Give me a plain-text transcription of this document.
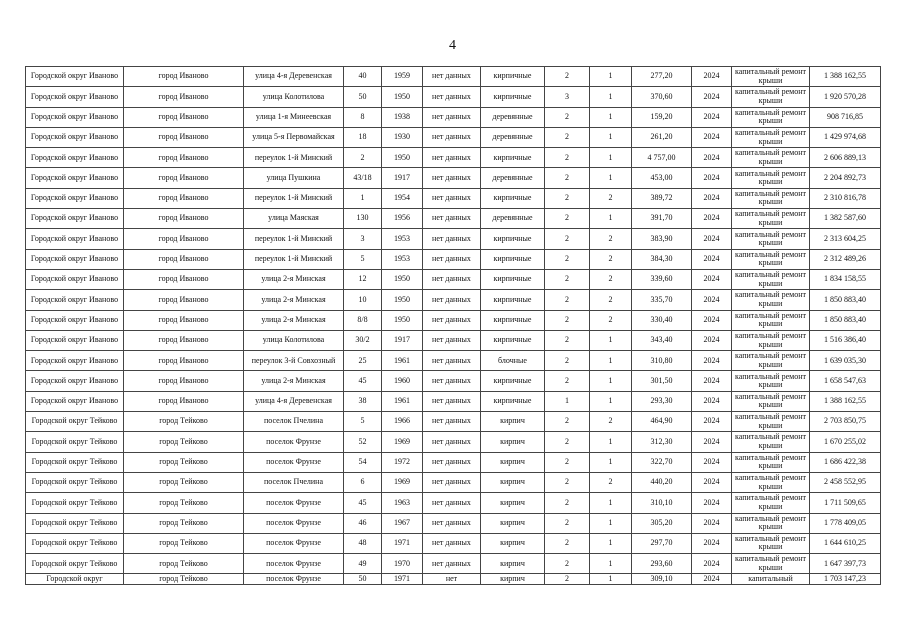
4
Городской округ Иваново	город Иваново	улица 4-я Деревенская	40	1959	нет данных	кирпичные	2	1	277,20	2024	капитальный ремонт крыши	1 388 162,55
Городской округ Иваново	город Иваново	улица Колотилова	50	1950	нет данных	кирпичные	3	1	370,60	2024	капитальный ремонт крыши	1 920 570,28
Городской округ Иваново	город Иваново	улица 1-я Минеевская	8	1938	нет данных	деревянные	2	1	159,20	2024	капитальный ремонт крыши	908 716,85
Городской округ Иваново	город Иваново	улица 5-я Первомайская	18	1930	нет данных	деревянные	2	1	261,20	2024	капитальный ремонт крыши	1 429 974,68
Городской округ Иваново	город Иваново	переулок 1-й Минский	2	1950	нет данных	кирпичные	2	1	4 757,00	2024	капитальный ремонт крыши	2 606 889,13
Городской округ Иваново	город Иваново	улица Пушкина	43/18	1917	нет данных	деревянные	2	1	453,00	2024	капитальный ремонт крыши	2 204 892,73
Городской округ Иваново	город Иваново	переулок 1-й Минский	1	1954	нет данных	кирпичные	2	2	389,72	2024	капитальный ремонт крыши	2 310 816,78
Городской округ Иваново	город Иваново	улица Маяская	130	1956	нет данных	деревянные	2	1	391,70	2024	капитальный ремонт крыши	1 382 587,60
Городской округ Иваново	город Иваново	переулок 1-й Минский	3	1953	нет данных	кирпичные	2	2	383,90	2024	капитальный ремонт крыши	2 313 604,25
Городской округ Иваново	город Иваново	переулок 1-й Минский	5	1953	нет данных	кирпичные	2	2	384,30	2024	капитальный ремонт крыши	2 312 489,26
Городской округ Иваново	город Иваново	улица 2-я Минская	12	1950	нет данных	кирпичные	2	2	339,60	2024	капитальный ремонт крыши	1 834 158,55
Городской округ Иваново	город Иваново	улица 2-я Минская	10	1950	нет данных	кирпичные	2	2	335,70	2024	капитальный ремонт крыши	1 850 883,40
Городской округ Иваново	город Иваново	улица 2-я Минская	8/8	1950	нет данных	кирпичные	2	2	330,40	2024	капитальный ремонт крыши	1 850 883,40
Городской округ Иваново	город Иваново	улица Колотилова	30/2	1917	нет данных	кирпичные	2	1	343,40	2024	капитальный ремонт крыши	1 516 386,40
Городской округ Иваново	город Иваново	переулок 3-й Совхозный	25	1961	нет данных	блочные	2	1	310,80	2024	капитальный ремонт крыши	1 639 035,30
Городской округ Иваново	город Иваново	улица 2-я Минская	45	1960	нет данных	кирпичные	2	1	301,50	2024	капитальный ремонт крыши	1 658 547,63
Городской округ Иваново	город Иваново	улица 4-я Деревенская	38	1961	нет данных	кирпичные	1	1	293,30	2024	капитальный ремонт крыши	1 388 162,55
Городской округ Тейково	город Тейково	поселок Пчелина	5	1966	нет данных	кирпич	2	2	464,90	2024	капитальный ремонт крыши	2 703 850,75
Городской округ Тейково	город Тейково	поселок Фрунзе	52	1969	нет данных	кирпич	2	1	312,30	2024	капитальный ремонт крыши	1 670 255,02
Городской округ Тейково	город Тейково	поселок Фрунзе	54	1972	нет данных	кирпич	2	1	322,70	2024	капитальный ремонт крыши	1 686 422,38
Городской округ Тейково	город Тейково	поселок Пчелина	6	1969	нет данных	кирпич	2	2	440,20	2024	капитальный ремонт крыши	2 458 552,95
Городской округ Тейково	город Тейково	поселок Фрунзе	45	1963	нет данных	кирпич	2	1	310,10	2024	капитальный ремонт крыши	1 711 509,65
Городской округ Тейково	город Тейково	поселок Фрунзе	46	1967	нет данных	кирпич	2	1	305,20	2024	капитальный ремонт крыши	1 778 409,05
Городской округ Тейково	город Тейково	поселок Фрунзе	48	1971	нет данных	кирпич	2	1	297,70	2024	капитальный ремонт крыши	1 644 610,25
Городской округ Тейково	город Тейково	поселок Фрунзе	49	1970	нет данных	кирпич	2	1	293,60	2024	капитальный ремонт крыши	1 647 397,73
Городской округ	город Тейково	поселок Фрунзе	50	1971	нет	кирпич	2	1	309,10	2024	капитальный	1 703 147,23
